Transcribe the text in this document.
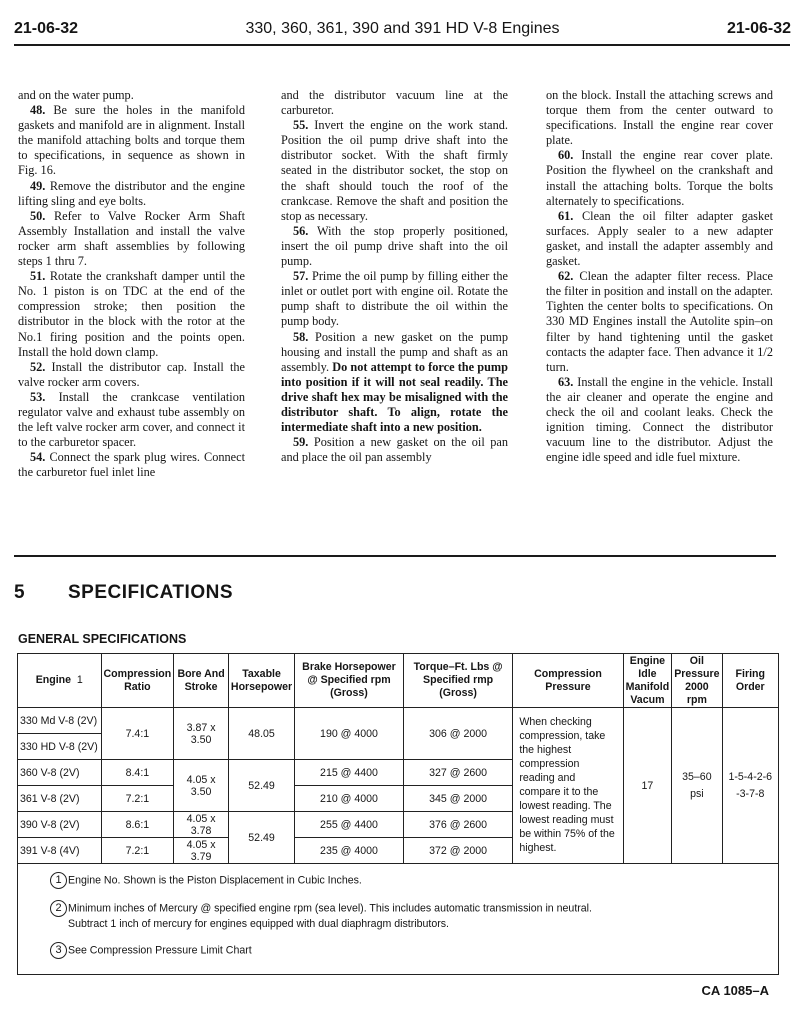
21-06-32	330, 360, 361, 390 and 391 HD V-8 Engines	21-06-32

and on the water pump.

48. Be sure the holes in the manifold gaskets and manifold are in alignment. Install the manifold attaching bolts and torque them to specifications, in sequence as shown in Fig. 16.

49. Remove the distributor and the engine lifting sling and eye bolts.

50. Refer to Valve Rocker Arm Shaft Assembly Installation and install the valve rocker arm shaft assemblies by following steps 1 thru 7.

51. Rotate the crankshaft damper until the No. 1 piston is on TDC at the end of the compression stroke; then position the distributor in the block with the rotor at the No.1 firing position and the points open. Install the hold down clamp.

52. Install the distributor cap. Install the valve rocker arm covers.

53. Install the crankcase ventilation regulator valve and exhaust tube assembly on the left valve rocker arm cover, and connect it to the carburetor spacer.

54. Connect the spark plug wires. Connect the carburetor fuel inlet line

and the distributor vacuum line at the carburetor.

55. Invert the engine on the work stand. Position the oil pump drive shaft into the distributor socket. With the shaft firmly seated in the distributor socket, the stop on the shaft should touch the roof of the crankcase. Remove the shaft and position the stop as necessary.

56. With the stop properly positioned, insert the oil pump drive shaft into the oil pump.

57. Prime the oil pump by filling either the inlet or outlet port with engine oil. Rotate the pump shaft to distribute the oil within the pump body.

58. Position a new gasket on the pump housing and install the pump and shaft as an assembly. Do not attempt to force the pump into position if it will not seal readily. The drive shaft hex may be misaligned with the distributor shaft. To align, rotate the intermediate shaft into a new position.

59. Position a new gasket on the oil pan and place the oil pan assembly

on the block. Install the attaching screws and torque them from the center outward to specifications. Install the engine rear cover plate.

60. Install the engine rear cover plate. Position the flywheel on the crankshaft and install the attaching bolts. Torque the bolts alternately to specifications.

61. Clean the oil filter adapter gasket surfaces. Apply sealer to a new adapter gasket, and install the adapter assembly and gasket.

62. Clean the adapter filter recess. Place the filter in position and install on the adapter. Tighten the center bolts to specifications. On 330 MD Engines install the Autolite spin–on filter by hand tightening until the gasket contacts the adapter face. Then advance it 1/2 turn.

63. Install the engine in the vehicle. Install the air cleaner and operate the engine and check the oil and coolant leaks. Check the ignition timing. Connect the distributor vacuum line to the distributor. Adjust the engine idle speed and idle fuel mixture.

5 SPECIFICATIONS
GENERAL SPECIFICATIONS
Engine 1	Compression Ratio	Bore And Stroke	Taxable Horsepower	Brake Horsepower @ Specified rpm (Gross)	Torque–Ft. Lbs @ Specified rmp (Gross)	Compression Pressure	Engine Idle Manifold Vacum	Oil Pressure 2000 rpm	Firing Order
330 Md V-8 (2V)	7.4:1	3.87 x 3.50	48.05	190 @ 4000	306 @ 2000	When checking compression, take the highest compression reading and compare it to the lowest reading. The lowest reading must be within 75% of the highest.	17	35–60 psi	1-5-4-2-6-3-7-8
330 HD V-8 (2V)									
360 V-8 (2V)	8.4:1	4.05 x 3.50	52.49	215 @ 4400	327 @ 2600				
361 V-8 (2V)	7.2:1			210 @ 4000	345 @ 2000				
390 V-8 (2V)	8.6:1	4.05 x 3.78	52.49	255 @ 4400	376 @ 2600				
391 V-8 (4V)	7.2:1	4.05 x 3.79		235 @ 4000	372 @ 2000				

1 Engine No. Shown is the Piston Displacement in Cubic Inches.
2 Minimum inches of Mercury @ specified engine rpm (sea level). This includes automatic transmission in neutral.
Subtract 1 inch of mercury for engines equipped with dual diaphragm distributors.
3 See Compression Pressure Limit Chart									
CA 1085–A
